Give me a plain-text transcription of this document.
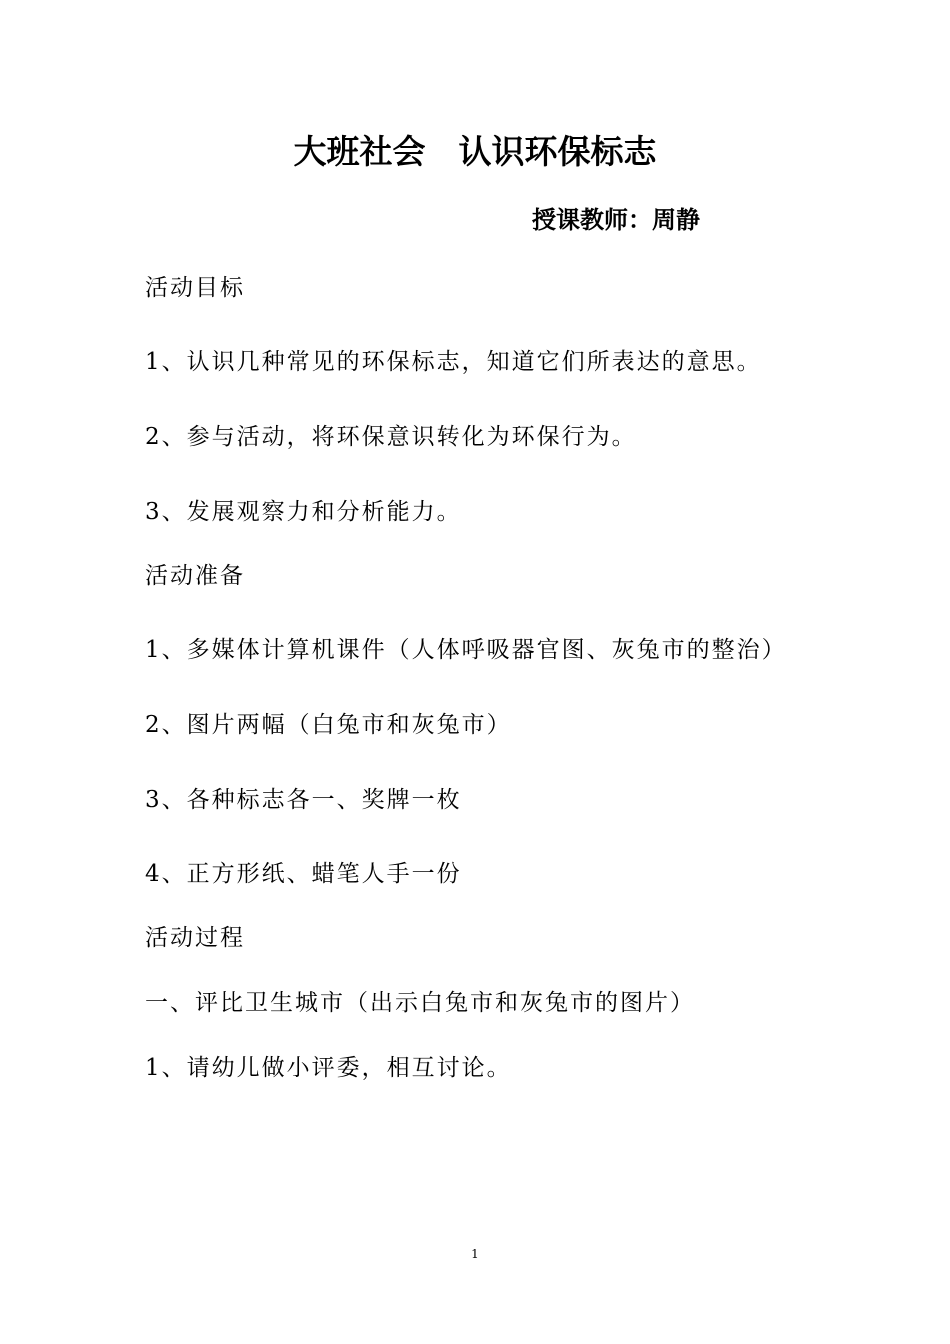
大班社会　认识环保标志
授课教师：周静
活动目标
1、认识几种常见的环保标志，知道它们所表达的意思。
2、参与活动，将环保意识转化为环保行为。
3、发展观察力和分析能力。
活动准备
1、多媒体计算机课件（人体呼吸器官图、灰兔市的整治）
2、图片两幅（白兔市和灰兔市）
3、各种标志各一、奖牌一枚
4、正方形纸、蜡笔人手一份
活动过程
一、评比卫生城市（出示白兔市和灰兔市的图片）
1、请幼儿做小评委，相互讨论。
1
